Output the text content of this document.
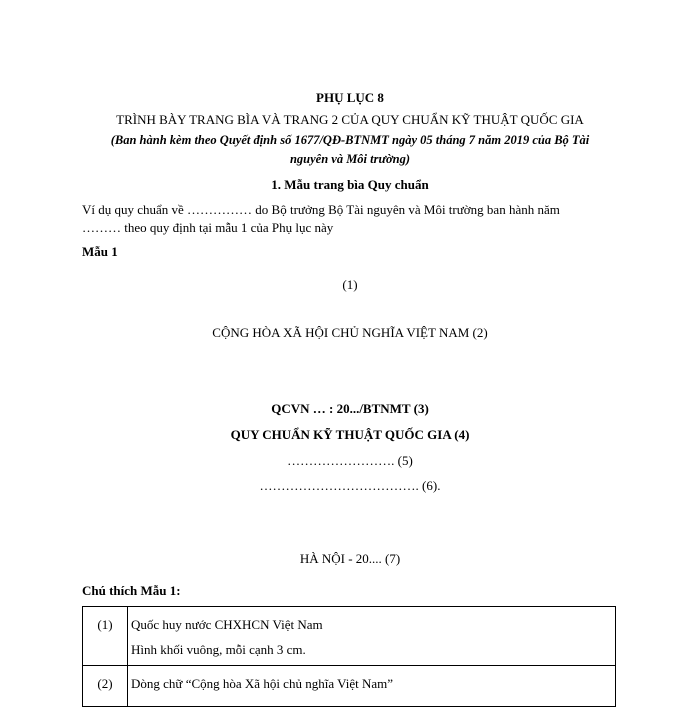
PHỤ LỤC 8
TRÌNH BÀY TRANG BÌA VÀ TRANG 2 CỦA QUY CHUẨN KỸ THUẬT QUỐC GIA
(Ban hành kèm theo Quyết định số 1677/QĐ-BTNMT ngày 05 tháng 7 năm 2019 của Bộ Tài
nguyên và Môi trường)
1. Mẫu trang bìa Quy chuẩn
Ví dụ quy chuẩn về …………… do Bộ trưởng Bộ Tài nguyên và Môi trường ban hành năm
……… theo quy định tại mẫu 1 của Phụ lục này
Mẫu 1
(1)
CỘNG HÒA XÃ HỘI CHỦ NGHĨA VIỆT NAM (2)
QCVN … : 20.../BTNMT (3)
QUY CHUẨN KỸ THUẬT QUỐC GIA (4)
……………………. (5)
………………………………. (6).
HÀ NỘI - 20.... (7)
Chú thích Mẫu 1:
(1)	Quốc huy nước CHXHCN Việt Nam
Hình khối vuông, mỗi cạnh 3 cm.

(2)	Dòng chữ “Cộng hòa Xã hội chủ nghĩa Việt Nam”
